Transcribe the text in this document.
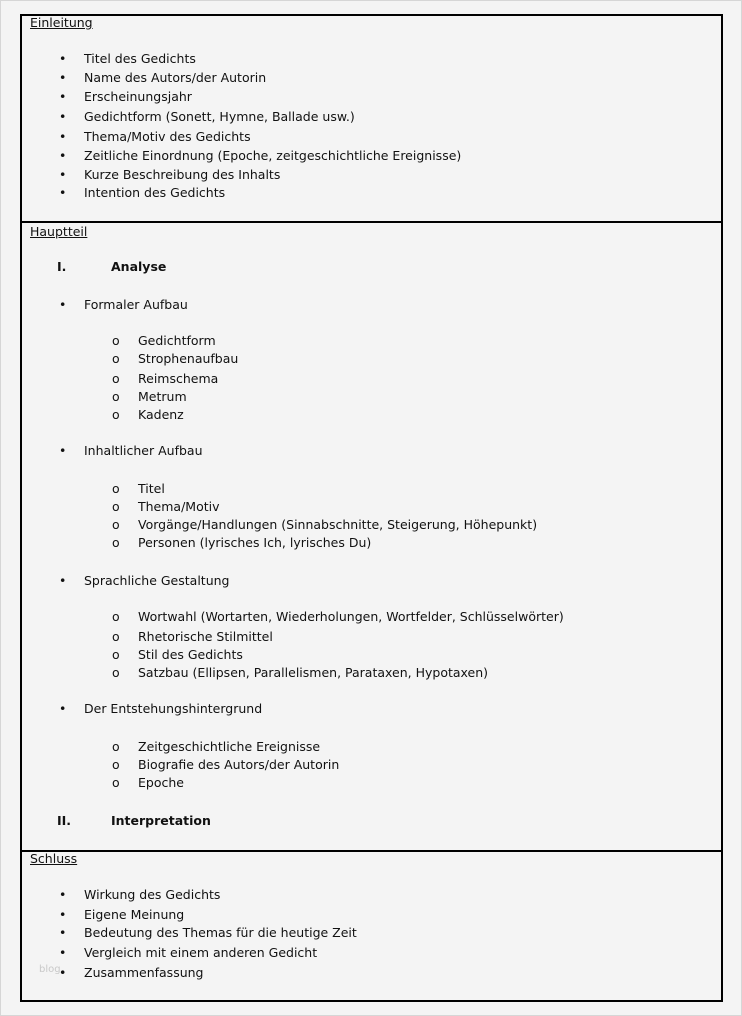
Einleitung
• Titel des Gedichts
• Name des Autors/der Autorin
• Erscheinungsjahr
• Gedichtform (Sonett, Hymne, Ballade usw.)
• Thema/Motiv des Gedichts
• Zeitliche Einordnung (Epoche, zeitgeschichtliche Ereignisse)
• Kurze Beschreibung des Inhalts
• Intention des Gedichts
Hauptteil
I.	Analyse
• Formaler Aufbau
o Gedichtform
o Strophenaufbau
o Reimschema
o Metrum
o Kadenz
• Inhaltlicher Aufbau
o Titel
o Thema/Motiv
o Vorgänge/Handlungen (Sinnabschnitte, Steigerung, Höhepunkt)
o Personen (lyrisches Ich, lyrisches Du)
• Sprachliche Gestaltung
o Wortwahl (Wortarten, Wiederholungen, Wortfelder, Schlüsselwörter)
o Rhetorische Stilmittel
o Stil des Gedichts
o Satzbau (Ellipsen, Parallelismen, Parataxen, Hypotaxen)
• Der Entstehungshintergrund
o Zeitgeschichtliche Ereignisse
o Biografie des Autors/der Autorin
o Epoche
II.	Interpretation
Schluss
• Wirkung des Gedichts
• Eigene Meinung
• Bedeutung des Themas für die heutige Zeit
• Vergleich mit einem anderen Gedicht
• Zusammenfassung
blog
